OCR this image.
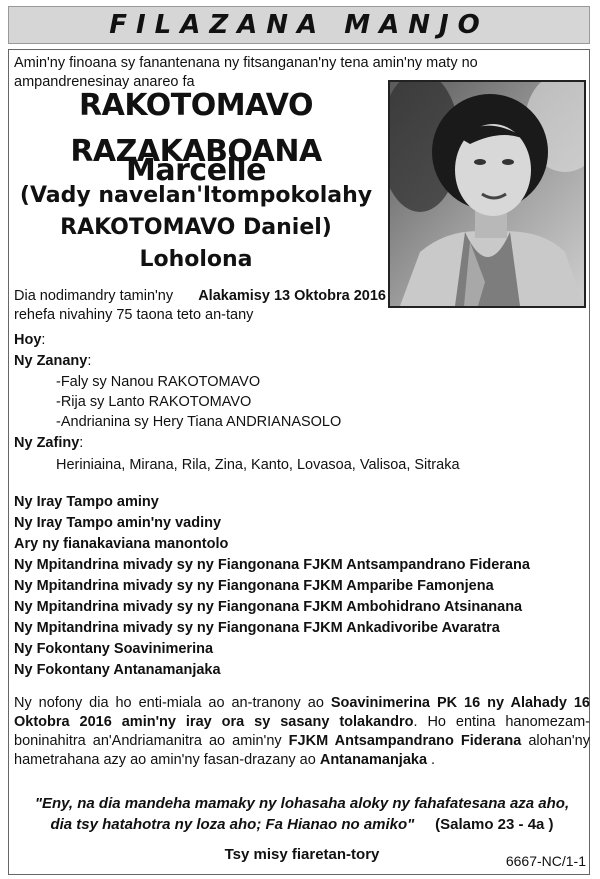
FILAZANA MANJO
Amin'ny finoana sy fanantenana ny fitsanganan'ny tena amin'ny maty no ampandrenesinay anareo fa
RAKOTOMAVO
RAZAKABOANA Marcelle
(Vady navelan'Itompokolahy
RAKOTOMAVO Daniel)
Loholona
Dia nodimandry tamin'ny Alakamisy 13 Oktobra 2016
rehefa nivahiny 75 taona teto an-tany
Hoy:
Ny Zanany:
-Faly sy Nanou RAKOTOMAVO
-Rija sy Lanto RAKOTOMAVO
-Andrianina sy Hery Tiana ANDRIANASOLO
Ny Zafiny:
Heriniaina, Mirana, Rila, Zina, Kanto, Lovasoa, Valisoa, Sitraka
Ny Iray Tampo aminy
Ny Iray Tampo amin'ny vadiny
Ary ny fianakaviana manontolo
Ny Mpitandrina mivady sy ny Fiangonana FJKM Antsampandrano Fiderana
Ny Mpitandrina mivady sy ny Fiangonana FJKM Amparibe Famonjena
Ny Mpitandrina mivady sy ny Fiangonana FJKM Ambohidrano Atsinanana
Ny Mpitandrina mivady sy ny Fiangonana FJKM Ankadivoribe Avaratra
Ny Fokontany Soavinimerina
Ny Fokontany Antanamanjaka
Ny nofony dia ho enti-miala ao an-tranony ao Soavinimerina PK 16 ny Alahady 16 Oktobra 2016 amin'ny iray ora sy sasany tolakandro. Ho entina hanomezam-boninahitra an'Andriamanitra ao amin'ny FJKM Antsampandrano Fiderana alohan'ny hametrahana azy ao amin'ny fasan-drazany ao Antanamanjaka .
"Eny, na dia mandeha mamaky ny lohasaha aloky ny fahafatesana aza aho,
dia tsy hatahotra ny loza aho; Fa Hianao no amiko" (Salamo 23 - 4a )
Tsy misy fiaretan-tory	6667-NC/1-1
